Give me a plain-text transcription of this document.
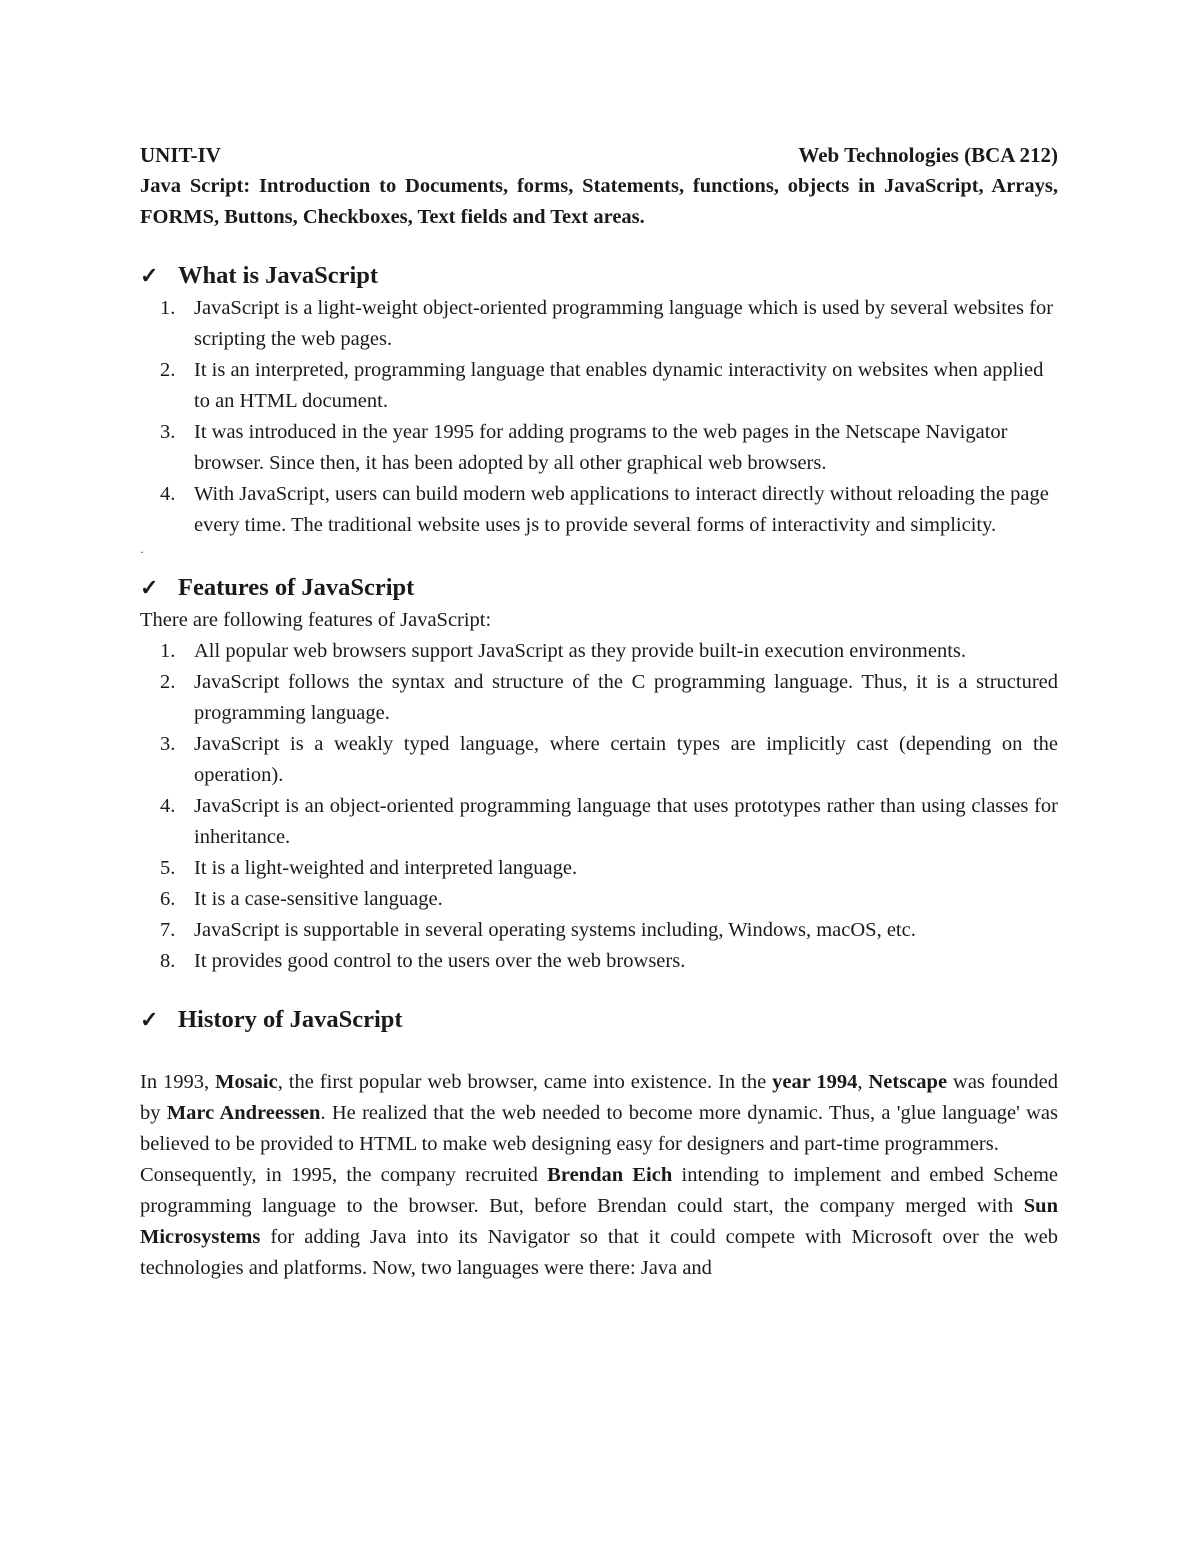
UNIT-IV	Web Technologies (BCA 212)
Java Script: Introduction to Documents, forms, Statements, functions, objects in JavaScript, Arrays, FORMS, Buttons, Checkboxes, Text fields and Text areas.
✓ What is JavaScript
1. JavaScript is a light-weight object-oriented programming language which is used by several websites for scripting the web pages.
2. It is an interpreted, programming language that enables dynamic interactivity on websites when applied to an HTML document.
3. It was introduced in the year 1995 for adding programs to the web pages in the Netscape Navigator browser. Since then, it has been adopted by all other graphical web browsers.
4. With JavaScript, users can build modern web applications to interact directly without reloading the page every time. The traditional website uses js to provide several forms of interactivity and simplicity.
·
✓ Features of JavaScript
There are following features of JavaScript:
1. All popular web browsers support JavaScript as they provide built-in execution environments.
2. JavaScript follows the syntax and structure of the C programming language. Thus, it is a structured programming language.
3. JavaScript is a weakly typed language, where certain types are implicitly cast (depending on the operation).
4. JavaScript is an object-oriented programming language that uses prototypes rather than using classes for inheritance.
5. It is a light-weighted and interpreted language.
6. It is a case-sensitive language.
7. JavaScript is supportable in several operating systems including, Windows, macOS, etc.
8. It provides good control to the users over the web browsers.
✓ History of JavaScript
In 1993, Mosaic, the first popular web browser, came into existence. In the year 1994, Netscape was founded by Marc Andreessen. He realized that the web needed to become more dynamic. Thus, a 'glue language' was believed to be provided to HTML to make web designing easy for designers and part-time programmers.
Consequently, in 1995, the company recruited Brendan Eich intending to implement and embed Scheme programming language to the browser. But, before Brendan could start, the company merged with Sun Microsystems for adding Java into its Navigator so that it could compete with Microsoft over the web technologies and platforms. Now, two languages were there: Java and
